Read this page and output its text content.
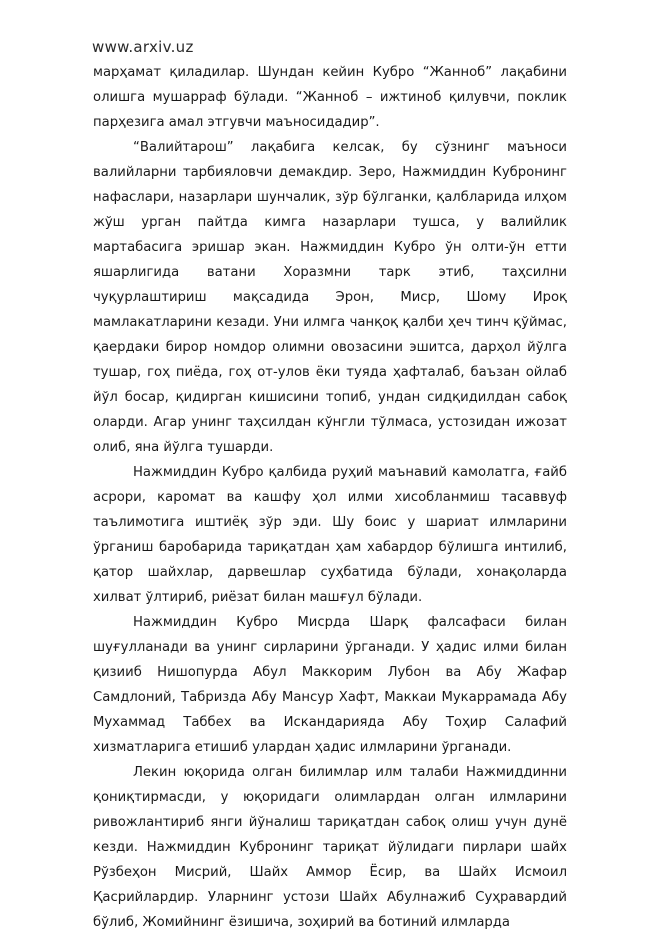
www.arxiv.uz

марҳамат қиладилар. Шундан кейин Кубро “Жанноб” лақабини олишга мушарраф бўлади. “Жанноб – ижтиноб қилувчи, поклик парҳезига амал этгувчи маъносидадир”.

“Валийтарош” лақабига келсак, бу сўзнинг маъноси валийларни тарбияловчи демакдир. Зеро, Нажмиддин Кубронинг нафаслари, назарлари шунчалик, зўр бўлганки, қалбларида илҳом жўш урган пайтда кимга назарлари тушса, у валийлик мартабасига эришар экан. Нажмиддин Кубро ўн олти-ўн етти яшарлигида ватани Хоразмни тарк этиб, таҳсилни чуқурлаштириш мақсадида Эрон, Миср, Шому Ироқ мамлакатларини кезади. Уни илмга чанқоқ қалби ҳеч тинч қўймас, қаердаки бирор номдор олимни овозасини эшитса, дарҳол йўлга тушар, гоҳ пиёда, гоҳ от-улов ёки туяда ҳафталаб, баъзан ойлаб йўл босар, қидирган кишисини топиб, ундан сидқидилдан сабоқ оларди. Агар унинг таҳсилдан кўнгли тўлмаса, устозидан ижозат олиб, яна йўлга тушарди.

Нажмиддин Кубро қалбида руҳий маънавий камолатга, ғайб асрори, каромат ва кашфу ҳол илми хисобланмиш тасаввуф таълимотига иштиёқ зўр эди. Шу боис у шариат илмларини ўрганиш баробарида тариқатдан ҳам хабардор бўлишга интилиб, қатор шайхлар, дарвешлар суҳбатида бўлади, хонақоларда хилват ўлтириб, риёзат билан машғул бўлади.

Нажмиддин Кубро Мисрда Шарқ фалсафаси билан шуғулланади ва унинг сирларини ўрганади. У ҳадис илми билан қизииб Нишопурда Абул Маккорим Лубон ва Абу Жафар Самдлоний, Табризда Абу Мансур Хафт, Маккаи Мукаррамада Абу Мухаммад Таббех ва Искандарияда Абу Тоҳир Салафий хизматларига етишиб улардан ҳадис илмларини ўрганади.

Лекин юқорида олган билимлар илм талаби Нажмиддинни қониқтирмасди, у юқоридаги олимлардан олган илмларини ривожлантириб янги йўналиш тариқатдан сабоқ олиш учун дунё кезди. Нажмиддин Кубронинг тариқат йўлидаги пирлари шайх Рўзбеҳон Мисрий, Шайх Аммор Ёсир, ва Шайх Исмоил Қасрийлардир. Уларнинг устози Шайх Абулнажиб Суҳравардий бўлиб, Жомийнинг ёзишича, зоҳирий ва ботиний илмларда
